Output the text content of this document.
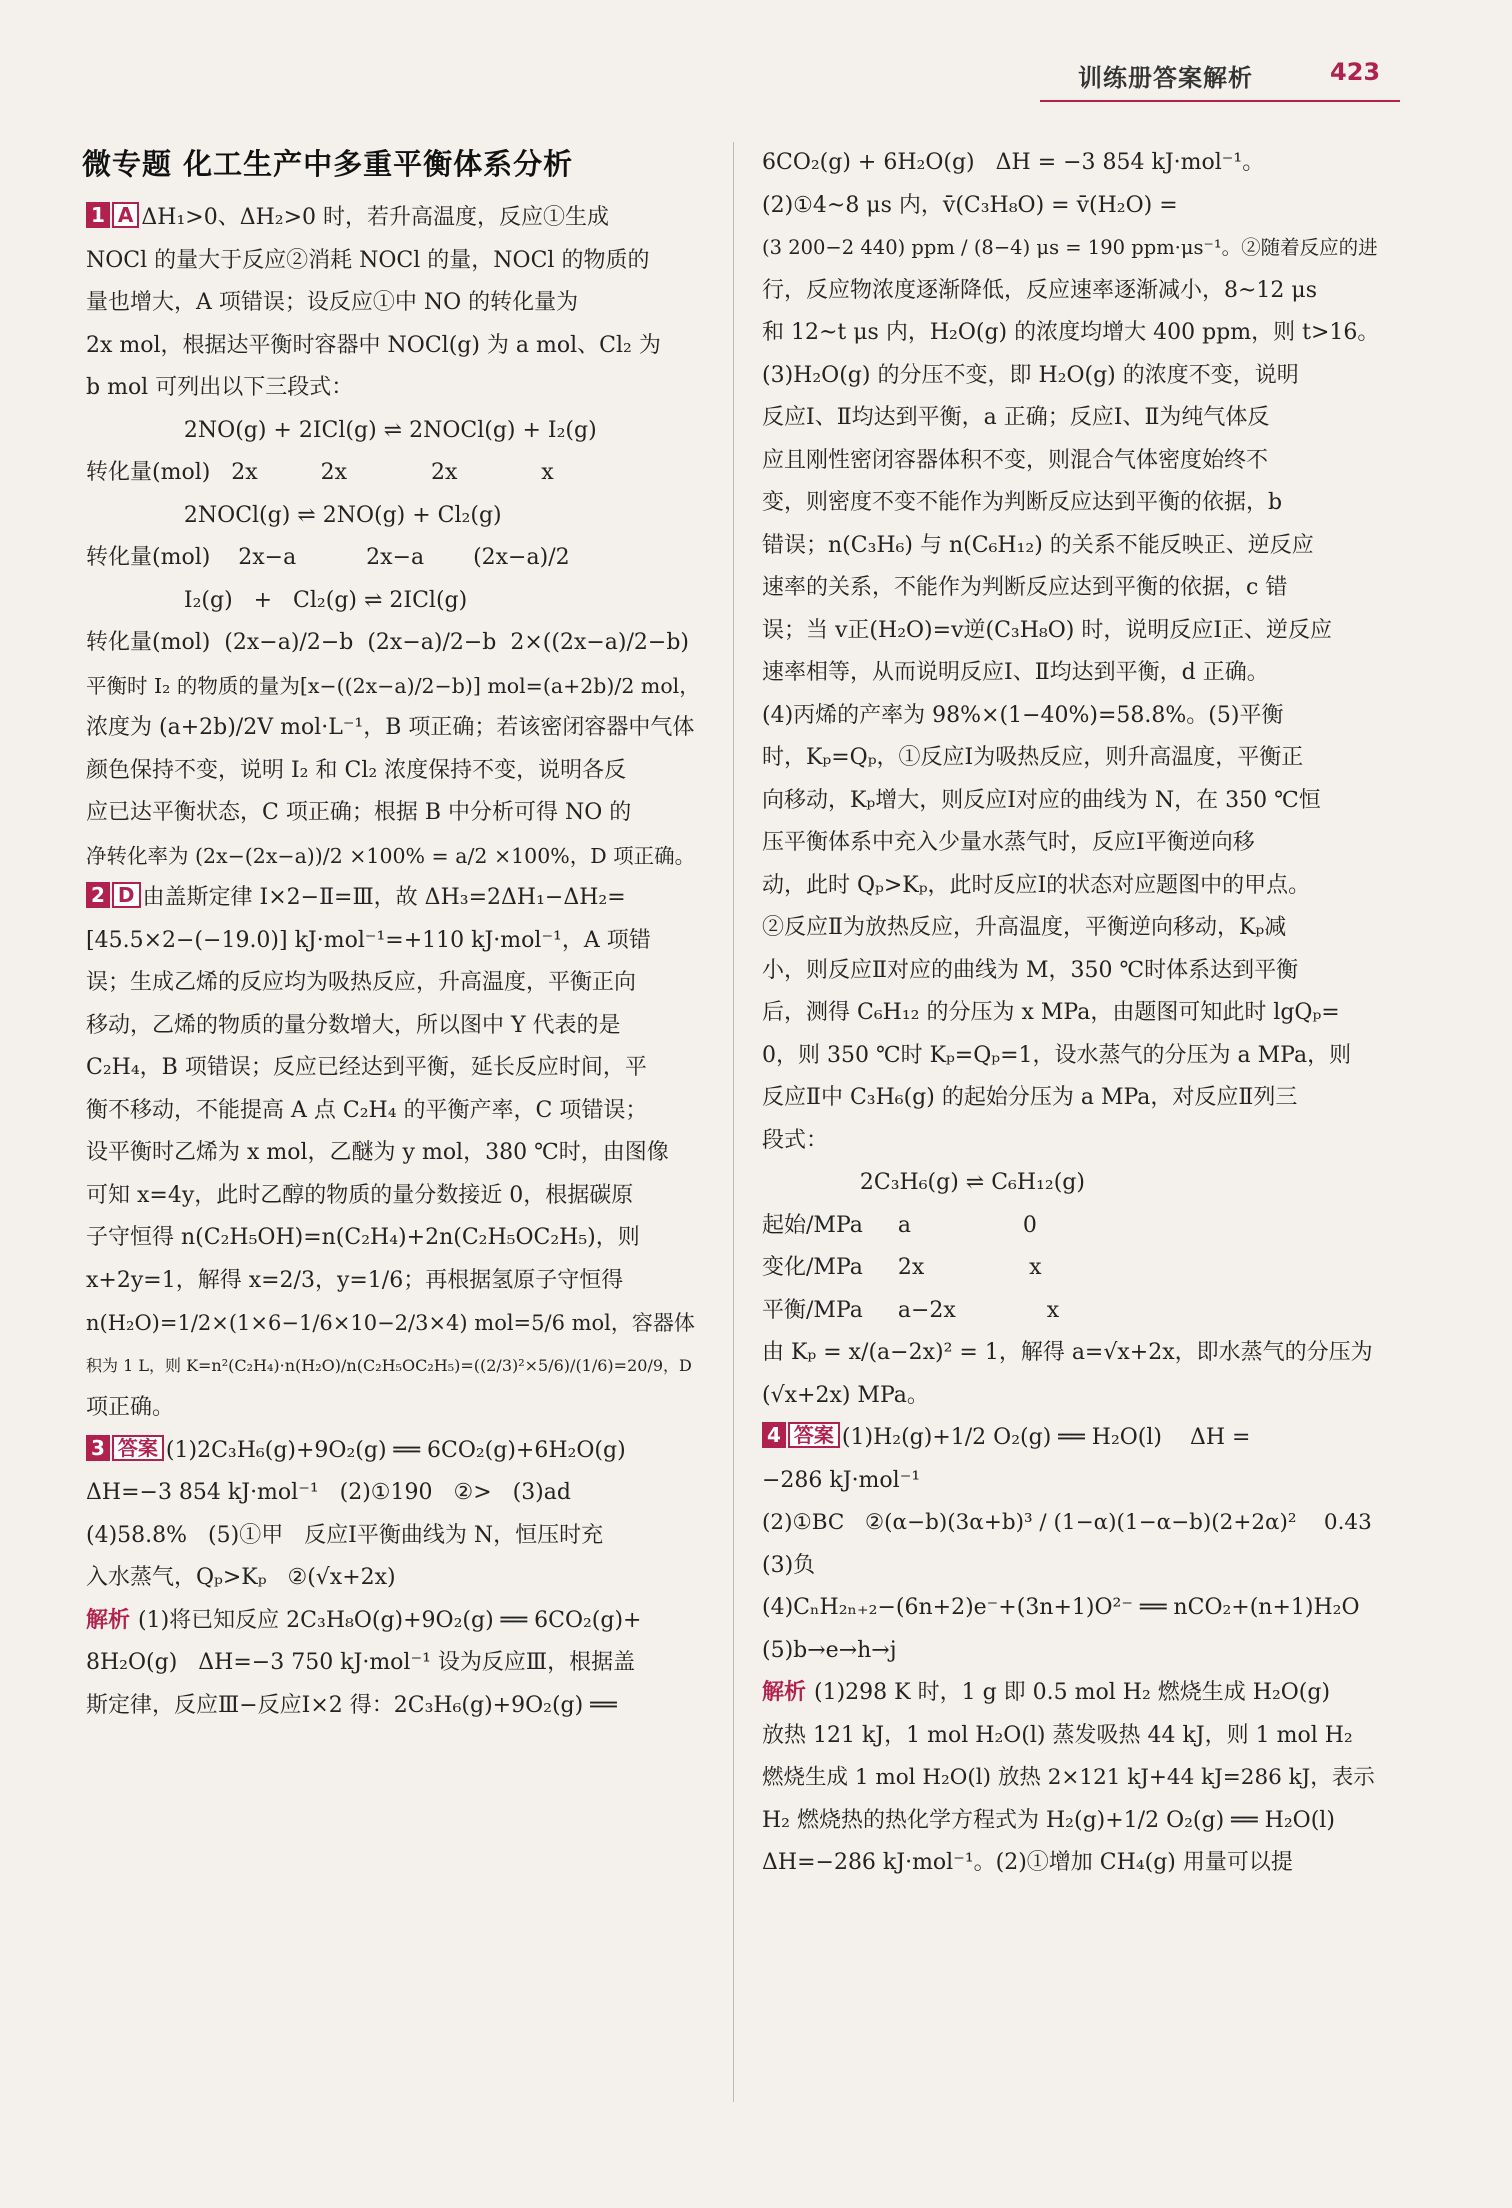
训练册答案解析	423
微专题 化工生产中多重平衡体系分析
1 A ΔH₁>0、ΔH₂>0 时，若升高温度，反应①生成
NOCl 的量大于反应②消耗 NOCl 的量，NOCl 的物质的
量也增大，A 项错误；设反应①中 NO 的转化量为
2x mol，根据达平衡时容器中 NOCl(g) 为 a mol、Cl₂ 为
b mol 可列出以下三段式：
2NO(g) + 2ICl(g) ⇌ 2NOCl(g) + I₂(g)
转化量(mol)   2x         2x            2x            x
2NOCl(g) ⇌ 2NO(g) + Cl₂(g)
转化量(mol)    2x−a          2x−a       (2x−a)/2
I₂(g)   +   Cl₂(g) ⇌ 2ICl(g)
转化量(mol)  (2x−a)/2−b  (2x−a)/2−b  2×((2x−a)/2−b)
平衡时 I₂ 的物质的量为[x−((2x−a)/2−b)] mol=(a+2b)/2 mol，
浓度为 (a+2b)/2V mol·L⁻¹，B 项正确；若该密闭容器中气体
颜色保持不变，说明 I₂ 和 Cl₂ 浓度保持不变，说明各反
应已达平衡状态，C 项正确；根据 B 中分析可得 NO 的
净转化率为 (2x−(2x−a))/2 ×100% = a/2 ×100%，D 项正确。
2 D 由盖斯定律 Ⅰ×2−Ⅱ=Ⅲ，故 ΔH₃=2ΔH₁−ΔH₂=
[45.5×2−(−19.0)] kJ·mol⁻¹=+110 kJ·mol⁻¹，A 项错
误；生成乙烯的反应均为吸热反应，升高温度，平衡正向
移动，乙烯的物质的量分数增大，所以图中 Y 代表的是
C₂H₄，B 项错误；反应已经达到平衡，延长反应时间，平
衡不移动，不能提高 A 点 C₂H₄ 的平衡产率，C 项错误；
设平衡时乙烯为 x mol，乙醚为 y mol，380 ℃时，由图像
可知 x=4y，此时乙醇的物质的量分数接近 0，根据碳原
子守恒得 n(C₂H₅OH)=n(C₂H₄)+2n(C₂H₅OC₂H₅)，则
x+2y=1，解得 x=2/3，y=1/6；再根据氢原子守恒得
n(H₂O)=1/2×(1×6−1/6×10−2/3×4) mol=5/6 mol，容器体
积为 1 L，则 K=n²(C₂H₄)·n(H₂O)/n(C₂H₅OC₂H₅)=((2/3)²×5/6)/(1/6)=20/9，D
项正确。
3 答案 (1)2C₃H₆(g)+9O₂(g) ══ 6CO₂(g)+6H₂O(g)
ΔH=−3 854 kJ·mol⁻¹   (2)①190   ②>   (3)ad
(4)58.8%   (5)①甲   反应Ⅰ平衡曲线为 N，恒压时充
入水蒸气，Qₚ>Kₚ   ②(√x+2x)
解析 (1)将已知反应 2C₃H₈O(g)+9O₂(g) ══ 6CO₂(g)+
8H₂O(g)   ΔH=−3 750 kJ·mol⁻¹ 设为反应Ⅲ，根据盖
斯定律，反应Ⅲ−反应Ⅰ×2 得：2C₃H₆(g)+9O₂(g) ══
6CO₂(g) + 6H₂O(g)   ΔH = −3 854 kJ·mol⁻¹。
(2)①4~8 μs 内，v̄(C₃H₈O) = v̄(H₂O) =
(3 200−2 440) ppm / (8−4) μs = 190 ppm·μs⁻¹。②随着反应的进
行，反应物浓度逐渐降低，反应速率逐渐减小，8~12 μs
和 12~t μs 内，H₂O(g) 的浓度均增大 400 ppm，则 t>16。
(3)H₂O(g) 的分压不变，即 H₂O(g) 的浓度不变，说明
反应Ⅰ、Ⅱ均达到平衡，a 正确；反应Ⅰ、Ⅱ为纯气体反
应且刚性密闭容器体积不变，则混合气体密度始终不
变，则密度不变不能作为判断反应达到平衡的依据，b
错误；n(C₃H₆) 与 n(C₆H₁₂) 的关系不能反映正、逆反应
速率的关系，不能作为判断反应达到平衡的依据，c 错
误；当 v正(H₂O)=v逆(C₃H₈O) 时，说明反应Ⅰ正、逆反应
速率相等，从而说明反应Ⅰ、Ⅱ均达到平衡，d 正确。
(4)丙烯的产率为 98%×(1−40%)=58.8%。(5)平衡
时，Kₚ=Qₚ，①反应Ⅰ为吸热反应，则升高温度，平衡正
向移动，Kₚ增大，则反应Ⅰ对应的曲线为 N，在 350 ℃恒
压平衡体系中充入少量水蒸气时，反应Ⅰ平衡逆向移
动，此时 Qₚ>Kₚ，此时反应Ⅰ的状态对应题图中的甲点。
②反应Ⅱ为放热反应，升高温度，平衡逆向移动，Kₚ减
小，则反应Ⅱ对应的曲线为 M，350 ℃时体系达到平衡
后，测得 C₆H₁₂ 的分压为 x MPa，由题图可知此时 lgQₚ=
0，则 350 ℃时 Kₚ=Qₚ=1，设水蒸气的分压为 a MPa，则
反应Ⅱ中 C₃H₆(g) 的起始分压为 a MPa，对反应Ⅱ列三
段式：
2C₃H₆(g) ⇌ C₆H₁₂(g)
起始/MPa     a                0
变化/MPa     2x               x
平衡/MPa     a−2x             x
由 Kₚ = x/(a−2x)² = 1，解得 a=√x+2x，即水蒸气的分压为
(√x+2x) MPa。
4 答案 (1)H₂(g)+1/2 O₂(g) ══ H₂O(l)    ΔH =
−286 kJ·mol⁻¹
(2)①BC   ②(α−b)(3α+b)³ / (1−α)(1−α−b)(2+2α)²    0.43
(3)负
(4)CₙH₂ₙ₊₂−(6n+2)e⁻+(3n+1)O²⁻ ══ nCO₂+(n+1)H₂O
(5)b→e→h→j
解析 (1)298 K 时，1 g 即 0.5 mol H₂ 燃烧生成 H₂O(g)
放热 121 kJ，1 mol H₂O(l) 蒸发吸热 44 kJ，则 1 mol H₂
燃烧生成 1 mol H₂O(l) 放热 2×121 kJ+44 kJ=286 kJ，表示
H₂ 燃烧热的热化学方程式为 H₂(g)+1/2 O₂(g) ══ H₂O(l)
ΔH=−286 kJ·mol⁻¹。(2)①增加 CH₄(g) 用量可以提
